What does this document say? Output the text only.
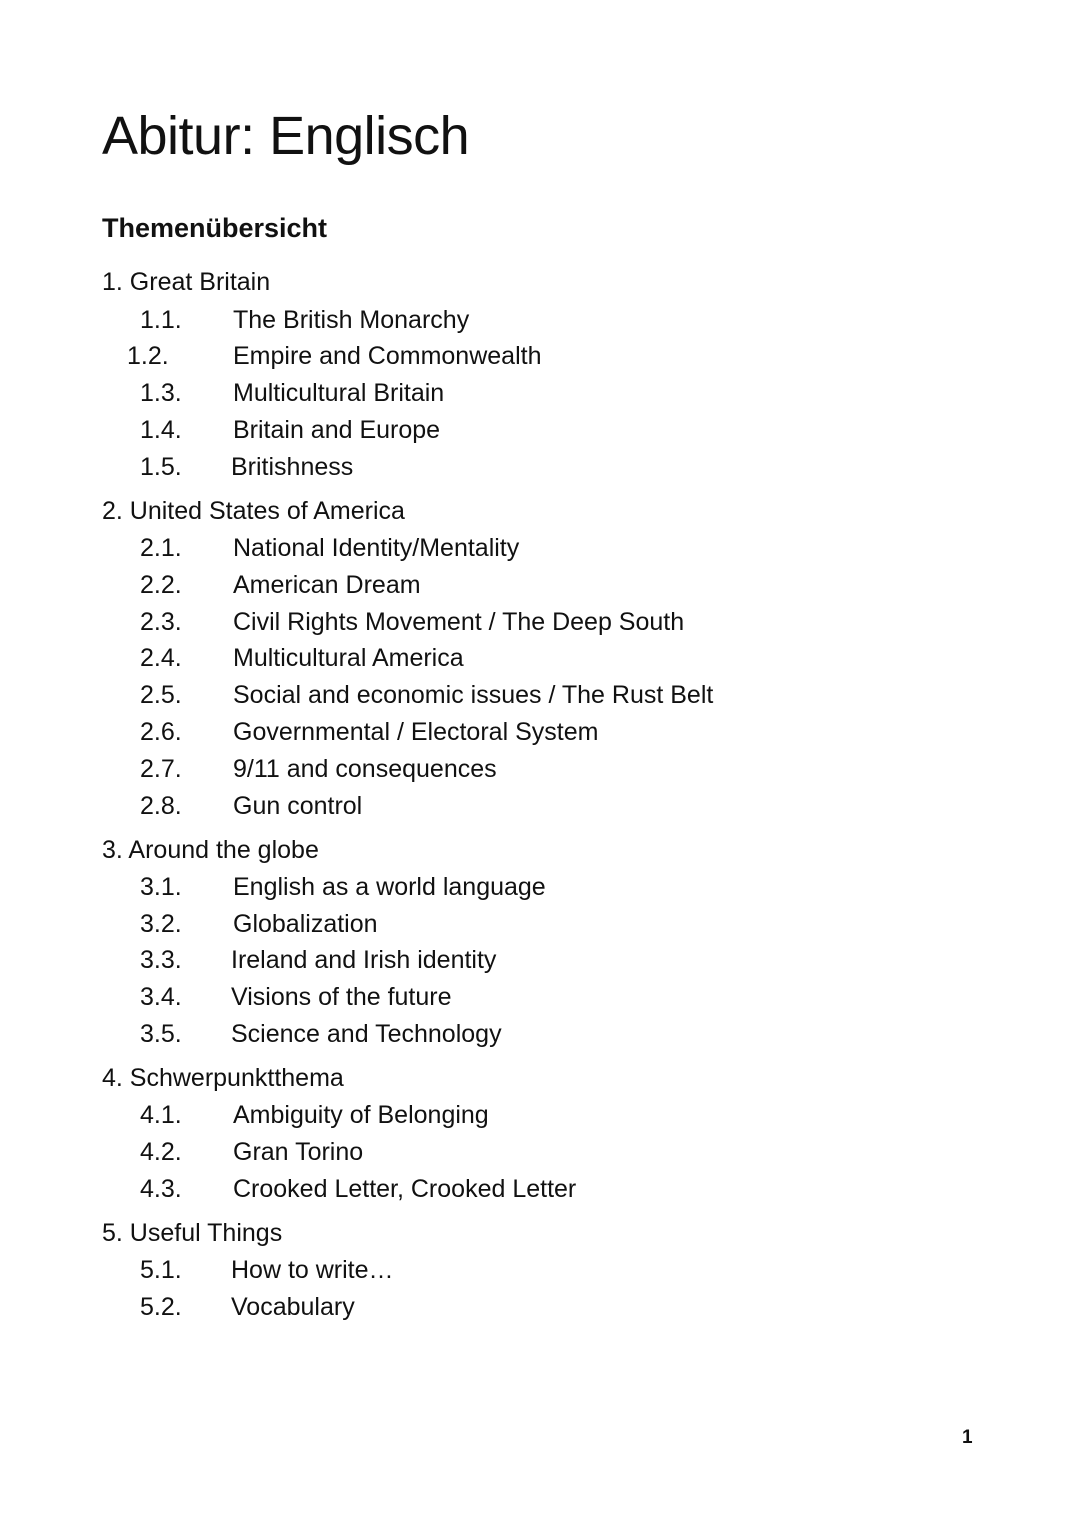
Abitur: Englisch
Themenübersicht
1. Great Britain
1.1. The British Monarchy
1.2.	Empire and Commonwealth
1.3. Multicultural Britain
1.4. Britain and Europe
1.5. Britishness
2. United States of America
2.1. National Identity/Mentality
2.2. American Dream
2.3. Civil Rights Movement / The Deep South
2.4. Multicultural America
2.5. Social and economic issues / The Rust Belt
2.6. Governmental / Electoral System
2.7. 9/11 and consequences
2.8. Gun control
3. Around the globe
3.1. English as a world language
3.2. Globalization
3.3. Ireland and Irish identity
3.4. Visions of the future
3.5. Science and Technology
4. Schwerpunktthema
4.1. Ambiguity of Belonging
4.2. Gran Torino
4.3. Crooked Letter, Crooked Letter
5. Useful Things
5.1. How to write…
5.2. Vocabulary
1
